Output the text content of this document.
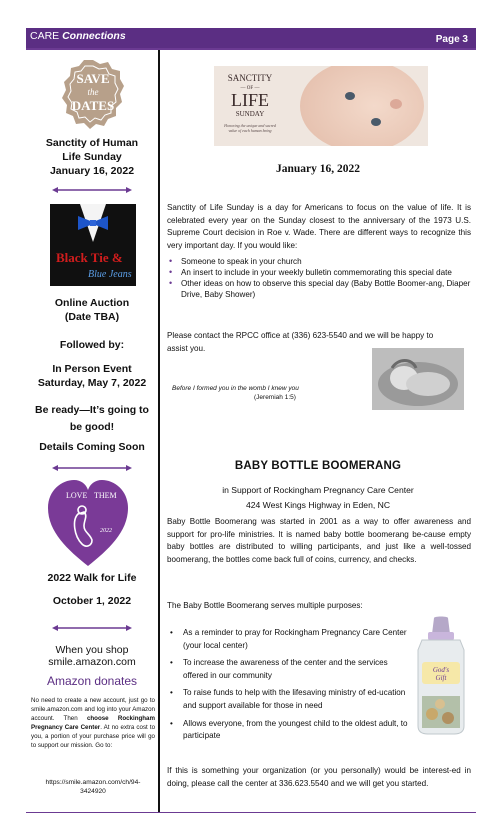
CARE Connections	Page 3
SAVE
the
DATES
Sanctity of Human
Life Sunday
January 16, 2022
Black Tie &
Blue Jeans
Online Auction
(Date TBA)
Followed by:
In Person Event
Saturday, May 7, 2022
Be ready—It’s going to
be good!
Details Coming Soon
LOVE THEM
2022
2022 Walk for Life
October 1, 2022
When you shop
smile.amazon.com
Amazon donates
No need to create a new account, just go to smile.amazon.com and log into your Amazon account. Then choose Rockingham Pregnancy Care Center. At no extra cost to you, a portion of your purchase price will go to support our mission. Go to:
https://smile.amazon.com/ch/94-
3424920
SANCTITY
— OF —
LIFE
SUNDAY
Honoring the unique and sacred
value of each human being
January 16, 2022
Sanctity of Life Sunday is a day for Americans to focus on the value of life. It is celebrated every year on the Sunday closest to the anniversary of the 1973 U.S. Supreme Court decision in Roe v. Wade. There are different ways to recognize this very important day. If you would like:
• Someone to speak in your church
• An insert to include in your weekly bulletin commemorating this special date
• Other ideas on how to observe this special day (Baby Bottle Boomer-ang, Diaper Drive, Baby Shower)
Please contact the RPCC office at (336) 623-5540 and we will be happy to assist you.
Before I formed you in the womb I knew you
(Jeremiah 1:5)
BABY BOTTLE BOOMERANG
in Support of Rockingham Pregnancy Care Center
424 West Kings Highway in Eden, NC
Baby Bottle Boomerang was started in 2001 as a way to offer awareness and support for pro-life ministries. It is named baby bottle boomerang be-cause empty baby bottles are distributed to willing participants, and just like a well-tossed boomerang, the bottles come back full of coins, currency, and checks.
The Baby Bottle Boomerang serves multiple purposes:
• As a reminder to pray for Rockingham Pregnancy Care Center (your local center)
• To increase the awareness of the center and the services offered in our community
• To raise funds to help with the lifesaving ministry of ed-ucation and support available for those in need
• Allows everyone, from the youngest child to the oldest adult, to participate
God's
Gift
If this is something your organization (or you personally) would be interest-ed in doing, please call the center at 336.623.5540 and we will get you started.
